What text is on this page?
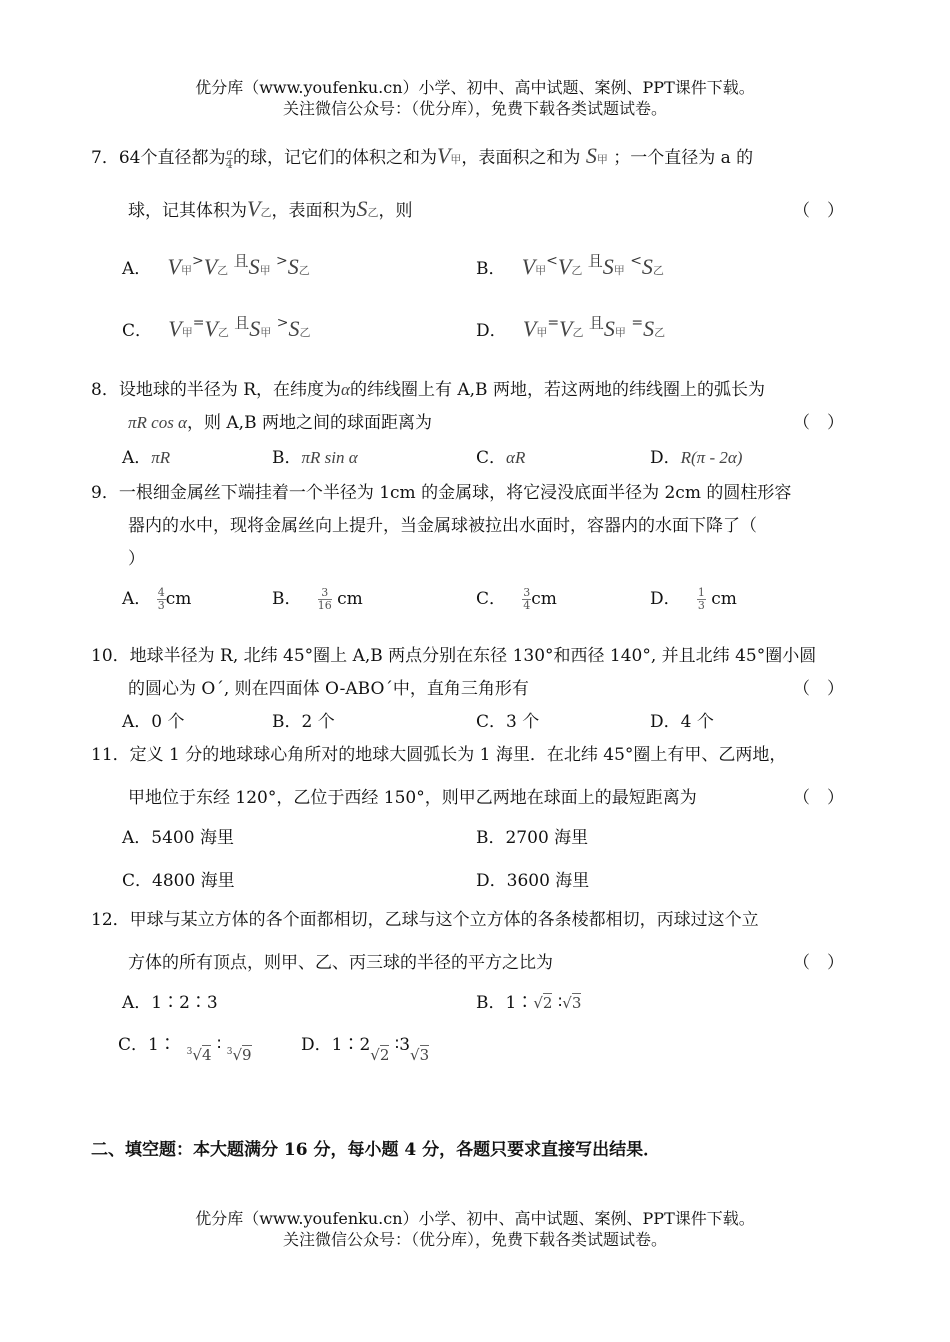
优分库（www.youfenku.cn）小学、初中、高中试题、案例、PPT课件下载。
关注微信公众号：（优分库），免费下载各类试题试卷。
7．64个直径都为 $\frac{a}{4}$ 的球，记它们的体积之和为V甲，表面积之和为 S甲 ；一个直径为 a 的
球，记其体积为V乙，表面积为S乙，则	（　）
A． V甲>V乙 且S甲 >S乙	B． V甲<V乙 且S甲 <S乙
C． V甲=V乙 且S甲 >S乙	D． V甲=V乙 且S甲 =S乙
8．设地球的半径为 R，在纬度为α的纬线圈上有 A,B 两地，若这两地的纬线圈上的弧长为
πR cos α，则 A,B 两地之间的球面距离为	（　）
A．πR	B．πR sin α	C．αR	D．R(π - 2α)
9．一根细金属丝下端挂着一个半径为 1cm 的金属球，将它浸没底面半径为 2cm 的圆柱形容
器内的水中，现将金属丝向上提升，当金属球被拉出水面时，容器内的水面下降了（
）
A． $\frac{4}{3}$ cm	B． $\frac{3}{16}$ cm	C． $\frac{3}{4}$ cm	D． $\frac{1}{3}$ cm
10．地球半径为 R, 北纬 45°圈上 A,B 两点分别在东径 130°和西径 140°, 并且北纬 45°圈小圆
的圆心为 O´, 则在四面体 O-ABO´中，直角三角形有	（　）
A．0 个	B．2 个	C．3 个	D．4 个
11．定义 1 分的地球球心角所对的地球大圆弧长为 1 海里．在北纬 45°圈上有甲、乙两地，
甲地位于东经 120°，乙位于西经 150°，则甲乙两地在球面上的最短距离为	（　）
A．5400 海里	B．2700 海里
C．4800 海里	D．3600 海里
12．甲球与某立方体的各个面都相切，乙球与这个立方体的各条棱都相切，丙球过这个立
方体的所有顶点，则甲、乙、丙三球的半径的平方之比为	（　）
A．1∶2∶3	B．1∶√2 ∶√3
C．1∶ $^3$√4 ∶ $^3$√9	D．1∶2√2 ∶3√3
二、填空题：本大题满分 16 分，每小题 4 分，各题只要求直接写出结果．
优分库（www.youfenku.cn）小学、初中、高中试题、案例、PPT课件下载。
关注微信公众号：（优分库），免费下载各类试题试卷。
